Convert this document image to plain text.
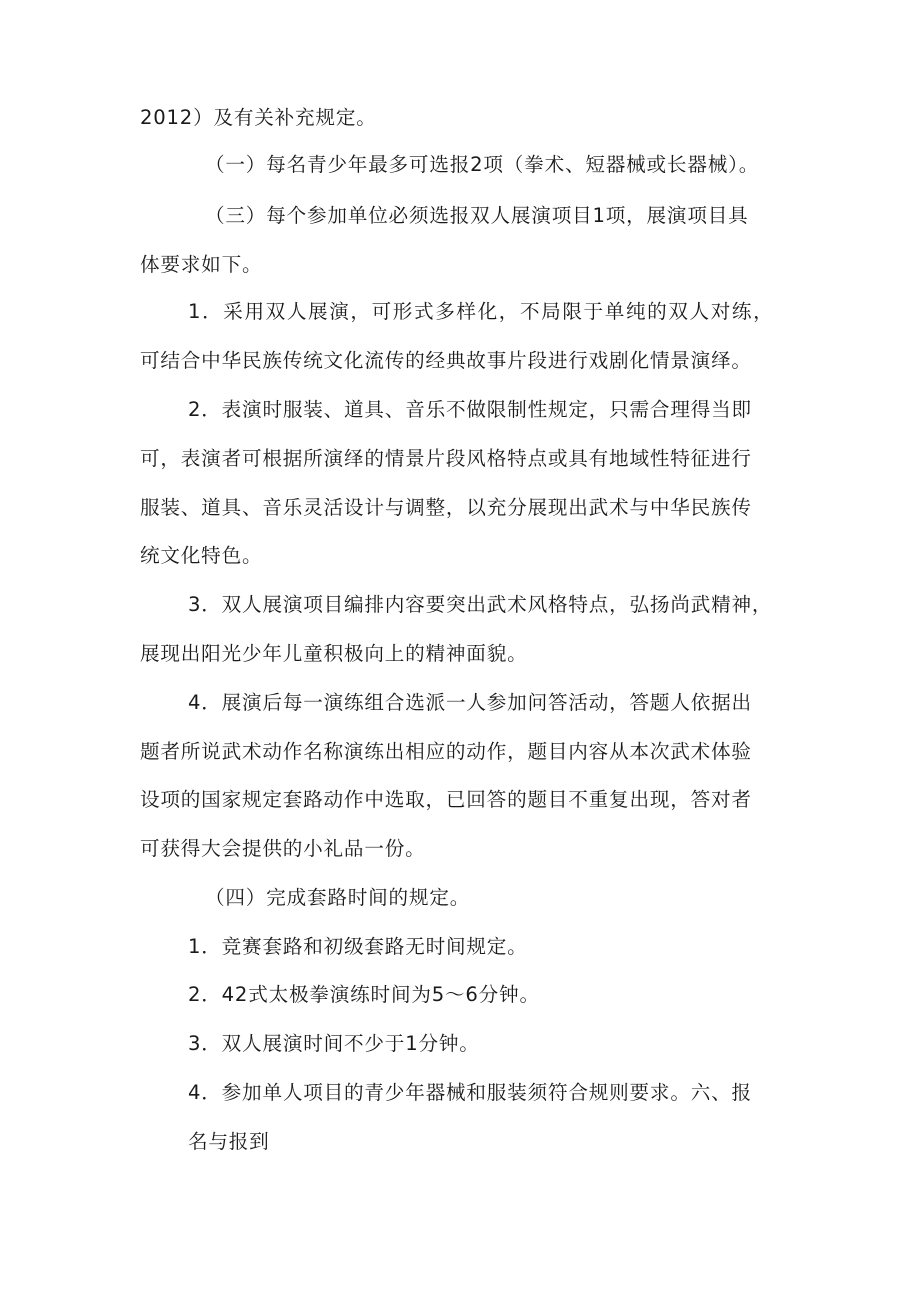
2012）及有关补充规定。
（一）每名青少年最多可选报2项（拳术、短器械或长器械）。
（三）每个参加单位必须选报双人展演项目1项，展演项目具
体要求如下。
1．采用双人展演，可形式多样化，不局限于单纯的双人对练，
可结合中华民族传统文化流传的经典故事片段进行戏剧化情景演绎。
2．表演时服装、道具、音乐不做限制性规定，只需合理得当即
可，表演者可根据所演绎的情景片段风格特点或具有地域性特征进行
服装、道具、音乐灵活设计与调整，以充分展现出武术与中华民族传
统文化特色。
3．双人展演项目编排内容要突出武术风格特点，弘扬尚武精神，
展现出阳光少年儿童积极向上的精神面貌。
4．展演后每一演练组合选派一人参加问答活动，答题人依据出
题者所说武术动作名称演练出相应的动作，题目内容从本次武术体验
设项的国家规定套路动作中选取，已回答的题目不重复出现，答对者
可获得大会提供的小礼品一份。
（四）完成套路时间的规定。
1．竞赛套路和初级套路无时间规定。
2．42式太极拳演练时间为5～6分钟。
3．双人展演时间不少于1分钟。
4．参加单人项目的青少年器械和服装须符合规则要求。六、报
名与报到
